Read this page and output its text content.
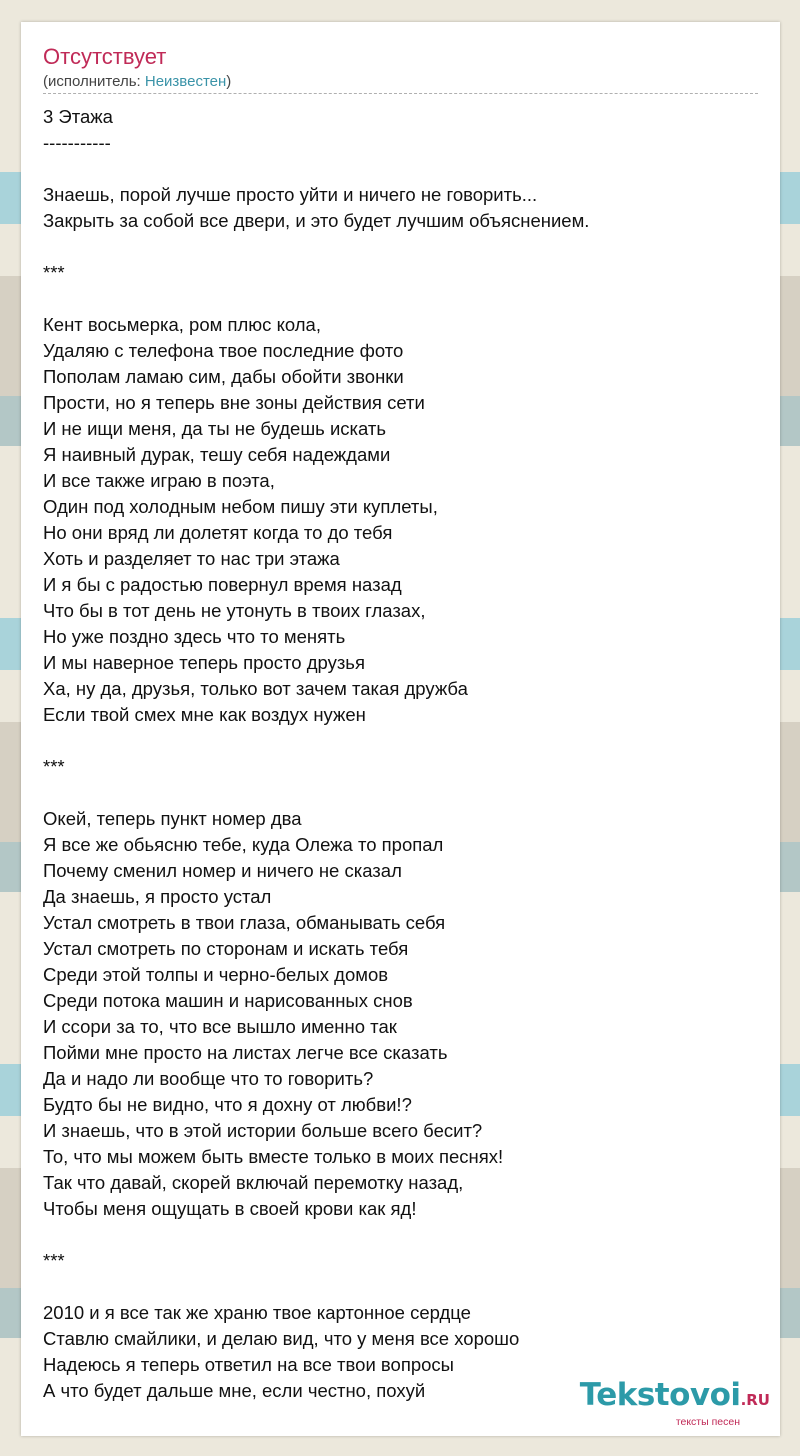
Отсутствует
(исполнитель: Неизвестен)
3 Этажа
-----------

Знаешь, порой лучше просто уйти и ничего не говорить...
Закрыть за собой все двери, и это будет лучшим объяснением.

***

Кент восьмерка, ром плюс кола,
Удаляю с телефона твое последние фото
Пополам ламаю сим, дабы обойти звонки
Прости, но я теперь вне зоны действия сети
И не ищи меня, да ты не будешь искать
Я наивный дурак, тешу себя надеждами
И все также играю в поэта,
Один под холодным небом пишу эти куплеты,
Но они вряд ли долетят когда то до тебя
Хоть и разделяет то нас три этажа
И я бы с радостью повернул время назад
Что бы в тот день не утонуть в твоих глазах,
Но уже поздно здесь что то менять
И мы наверное теперь просто друзья
Ха, ну да, друзья, только вот зачем такая дружба
Если твой смех мне как воздух нужен

***

Окей, теперь пункт номер два
Я все же обьясню тебе, куда Олежа то пропал
Почему сменил номер и ничего не сказал
Да знаешь, я просто устал
Устал смотреть в твои глаза, обманывать себя
Устал смотреть по сторонам и искать тебя
Среди этой толпы и черно-белых домов
Среди потока машин и нарисованных снов
И ссори за то, что все вышло именно так
Пойми мне просто на листах легче все сказать
Да и надо ли вообще что то говорить?
Будто бы не видно, что я дохну от любви!?
И знаешь, что в этой истории больше всего бесит?
То, что мы можем быть вместе только в моих песнях!
Так что давай, скорей включай перемотку назад,
Чтобы меня ощущать в своей крови как яд!

***

2010 и я все так же храню твое картонное сердце
Ставлю смайлики, и делаю вид, что у меня все хорошо
Надеюсь я теперь ответил на все твои вопросы
А что будет дальше мне, если честно, похуй	Tekstovoi.RU
тексты песен
